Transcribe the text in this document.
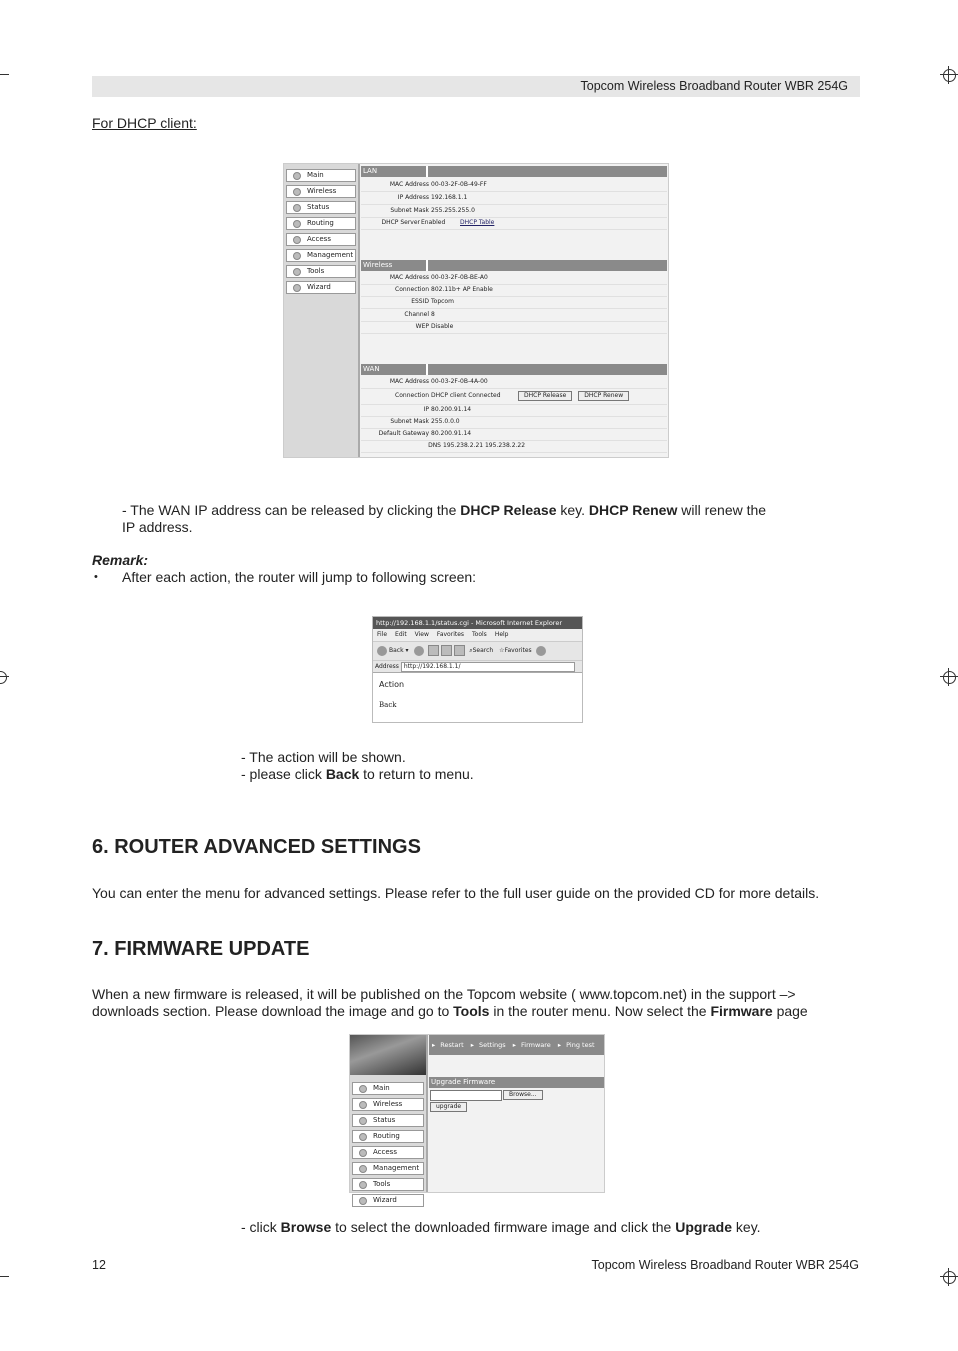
Topcom Wireless Broadband Router WBR 254G
For DHCP client:
Main
Wireless
Status
Routing
Access
Management
Tools
Wizard
LAN
MAC Address 00-03-2F-0B-49-FF
IP Address 192.168.1.1
Subnet Mask 255.255.255.0
DHCP Server Enabled DHCP Table
Wireless
MAC Address 00-03-2F-0B-BE-A0
Connection 802.11b+ AP Enable
ESSID Topcom
Channel 8
WEP Disable
WAN
MAC Address 00-03-2F-0B-4A-00
Connection DHCP client Connected	DHCP Release	DHCP Renew
IP 80.200.91.14
Subnet Mask 255.0.0.0
Default Gateway 80.200.91.14
DNS 195.238.2.21 195.238.2.22
- The WAN IP address can be released by clicking the DHCP Release key. DHCP Renew will renew the
IP address.
Remark:
• After each action, the router will jump to following screen:
http://192.168.1.1/status.cgi - Microsoft Internet Explorer
File Edit View Favorites Tools Help
Back ▾	⌕Search ☆Favorites
Address http://192.168.1.1/
Action
Back
- The action will be shown.
- please click Back to return to menu.
6. ROUTER ADVANCED SETTINGS
You can enter the menu for advanced settings. Please refer to the full user guide on the provided CD for more details.
7. FIRMWARE UPDATE
When a new firmware is released, it will be published on the Topcom website ( www.topcom.net) in the support –>
downloads section. Please download the image and go to Tools in the router menu. Now select the Firmware page
Main
Wireless
Status
Routing
Access
Management
Tools
Wizard
▸ Restart ▸ Settings ▸ Firmware ▸ Ping test
Upgrade Firmware
Browse...
upgrade
- click Browse to select the downloaded firmware image and click the Upgrade key.
12	Topcom Wireless Broadband Router WBR 254G
